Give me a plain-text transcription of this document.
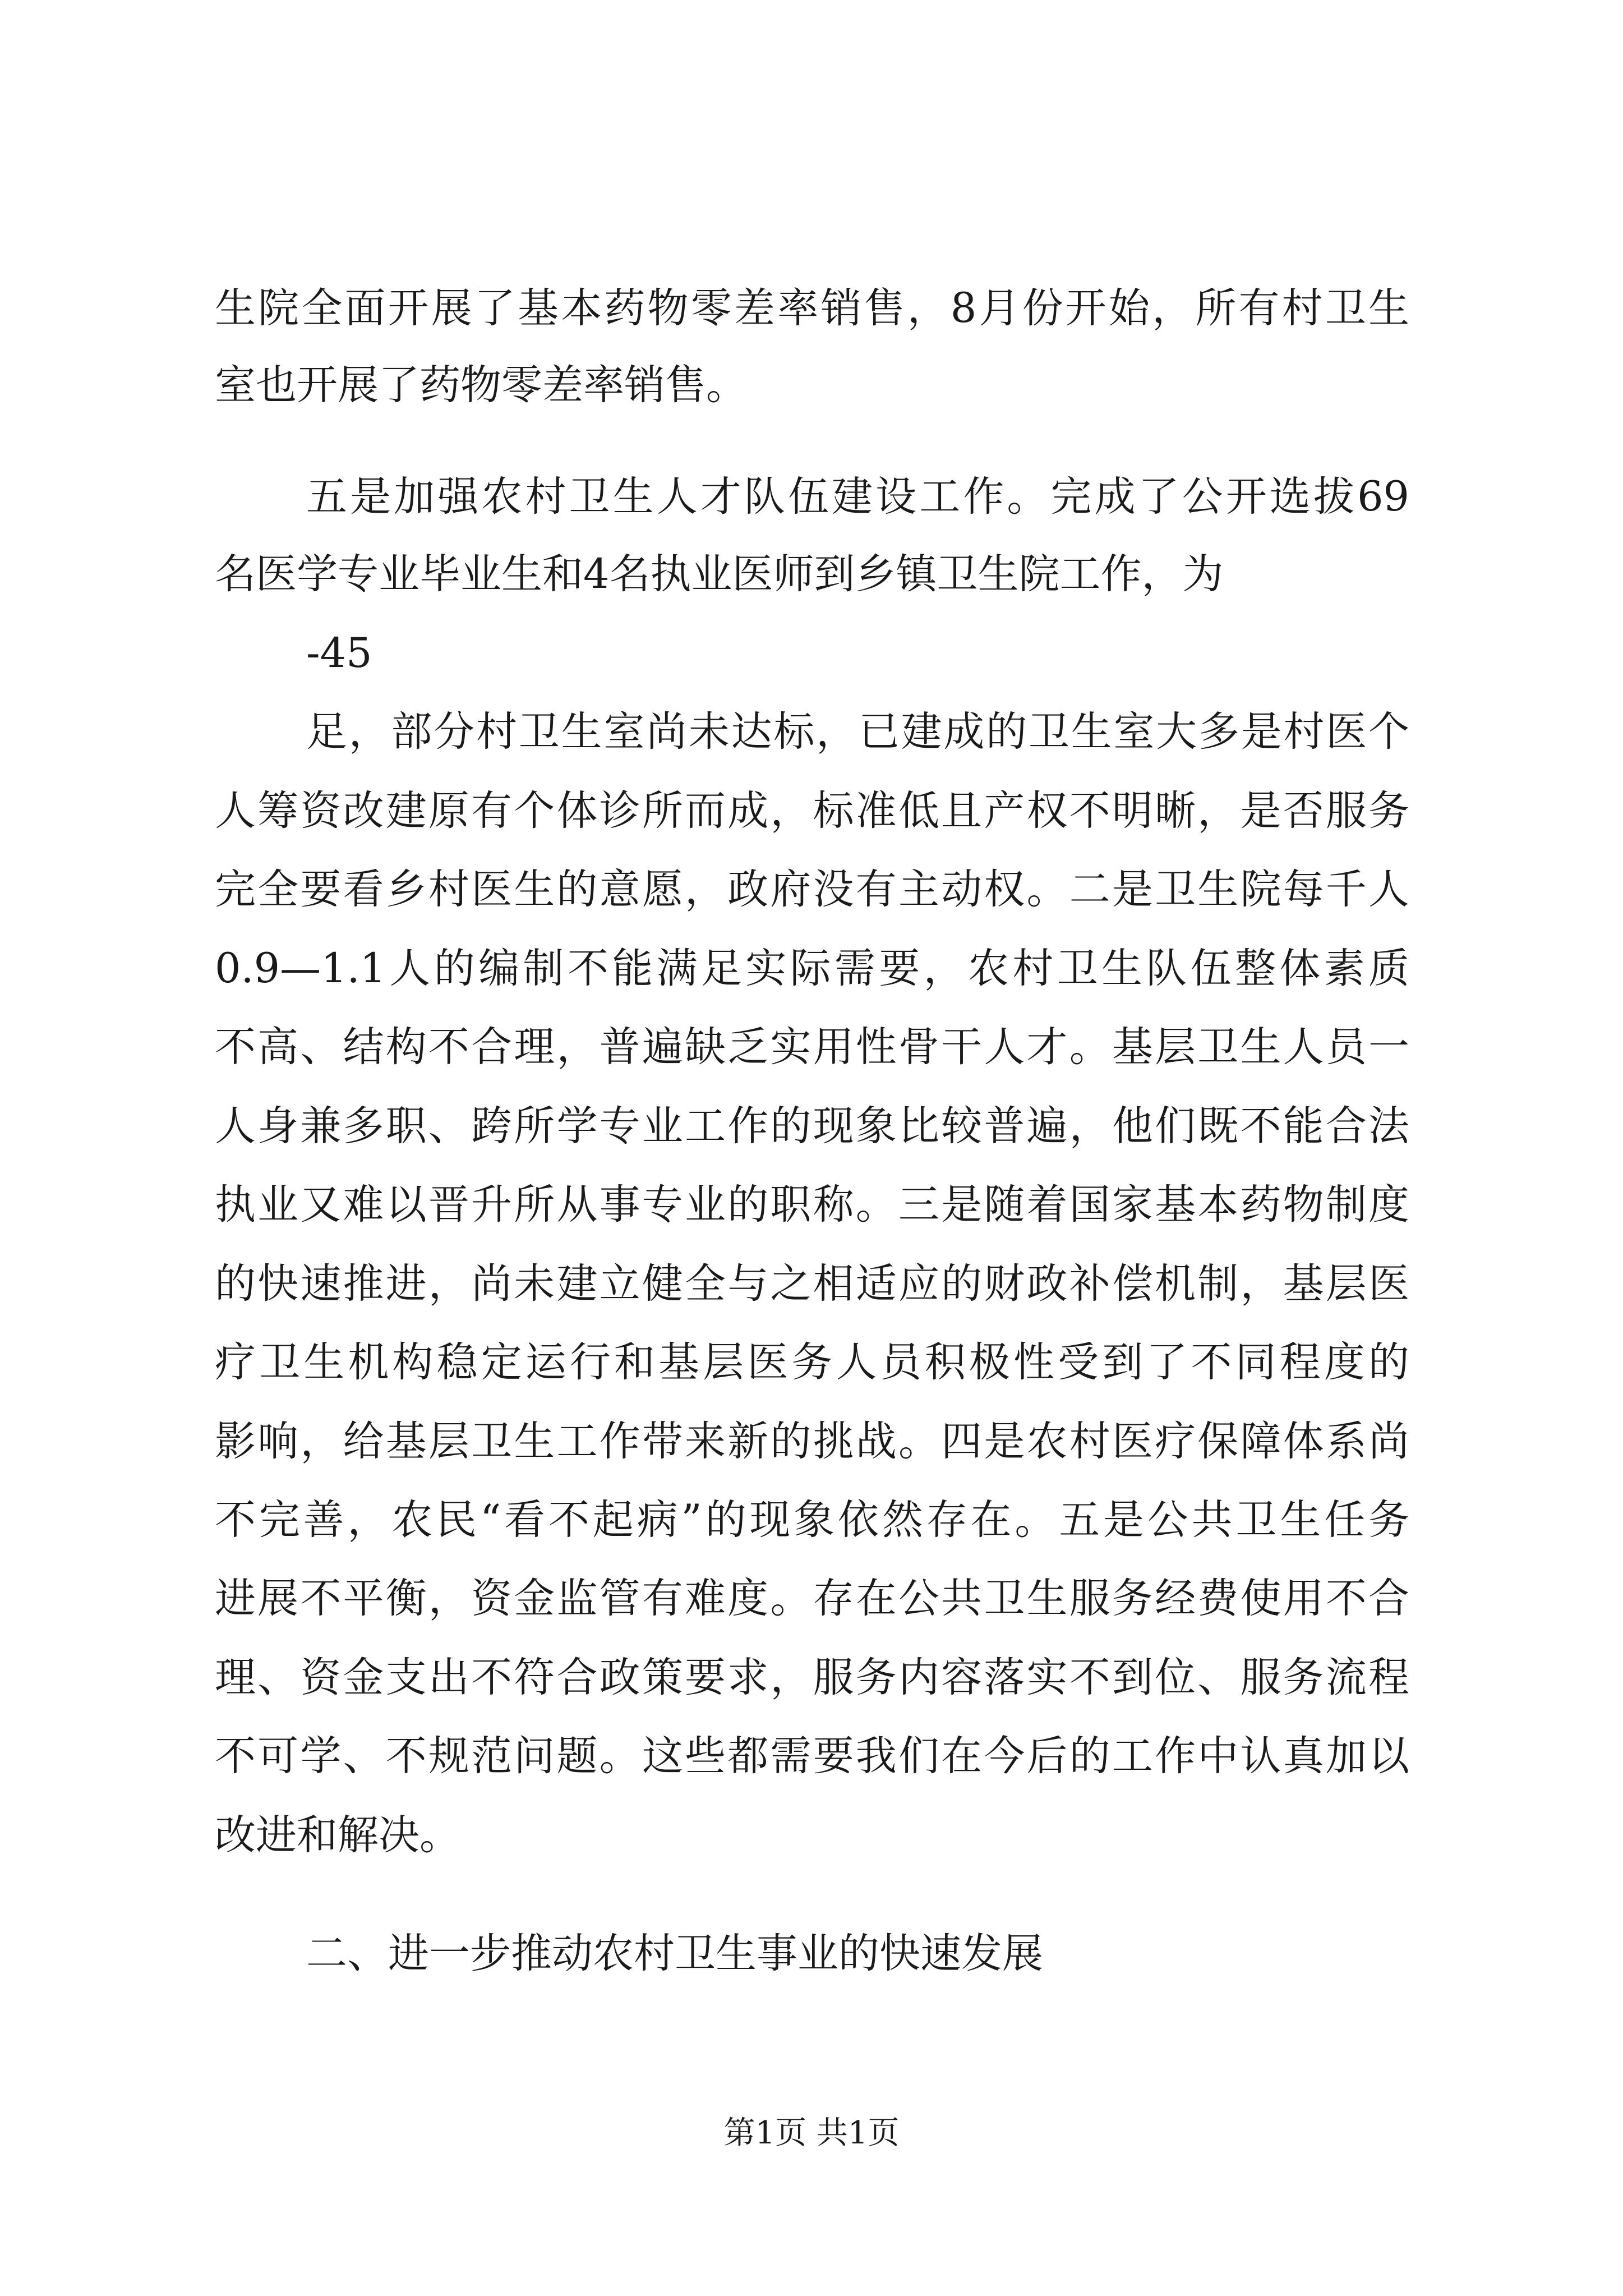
生院全面开展了基本药物零差率销售，8月份开始，所有村卫生
室也开展了药物零差率销售。
五是加强农村卫生人才队伍建设工作。完成了公开选拔69
名医学专业毕业生和4名执业医师到乡镇卫生院工作，为
-45
足，部分村卫生室尚未达标，已建成的卫生室大多是村医个
人筹资改建原有个体诊所而成，标准低且产权不明晰，是否服务
完全要看乡村医生的意愿，政府没有主动权。二是卫生院每千人
0.9—1.1人的编制不能满足实际需要，农村卫生队伍整体素质
不高、结构不合理，普遍缺乏实用性骨干人才。基层卫生人员一
人身兼多职、跨所学专业工作的现象比较普遍，他们既不能合法
执业又难以晋升所从事专业的职称。三是随着国家基本药物制度
的快速推进，尚未建立健全与之相适应的财政补偿机制，基层医
疗卫生机构稳定运行和基层医务人员积极性受到了不同程度的
影响，给基层卫生工作带来新的挑战。四是农村医疗保障体系尚
不完善，农民“看不起病”的现象依然存在。五是公共卫生任务
进展不平衡，资金监管有难度。存在公共卫生服务经费使用不合
理、资金支出不符合政策要求，服务内容落实不到位、服务流程
不可学、不规范问题。这些都需要我们在今后的工作中认真加以
改进和解决。
二、进一步推动农村卫生事业的快速发展
第1页 共1页
